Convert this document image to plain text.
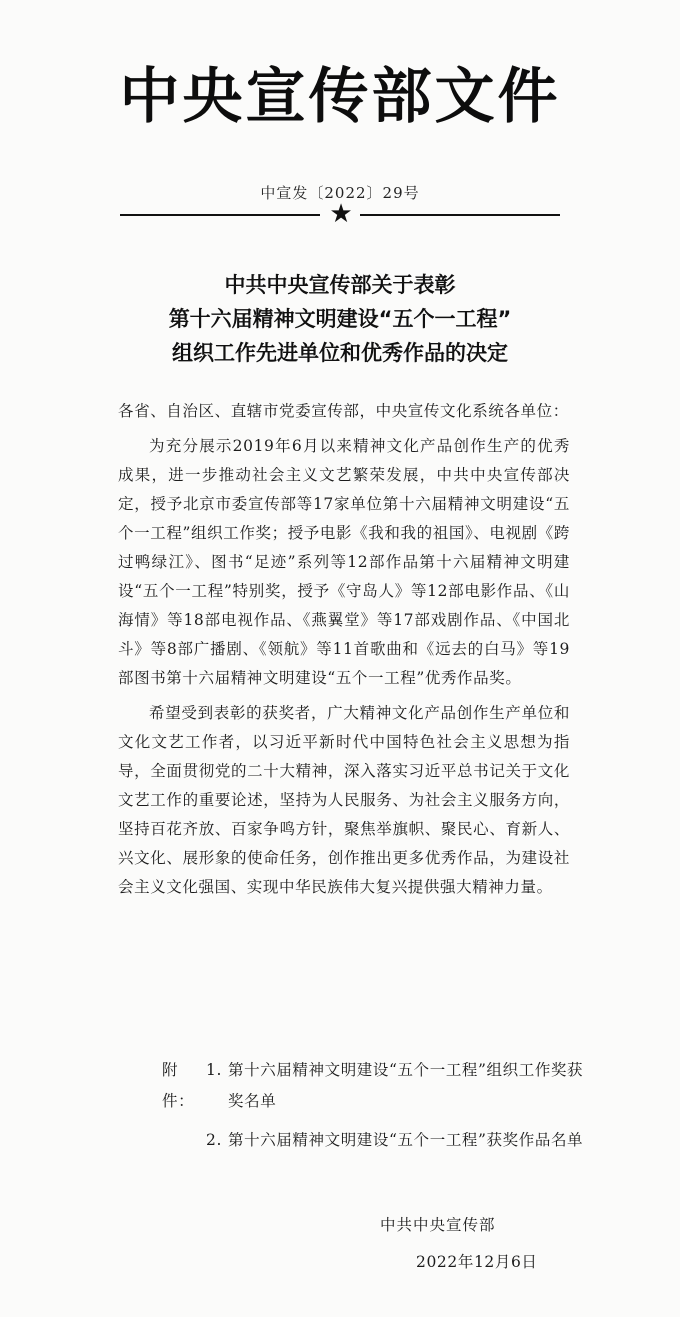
中央宣传部文件
中宣发〔2022〕29号
★
中共中央宣传部关于表彰
第十六届精神文明建设“五个一工程”
组织工作先进单位和优秀作品的决定

各省、自治区、直辖市党委宣传部，中央宣传文化系统各单位：

为充分展示2019年6月以来精神文化产品创作生产的优秀成果，进一步推动社会主义文艺繁荣发展，中共中央宣传部决定，授予北京市委宣传部等17家单位第十六届精神文明建设“五个一工程”组织工作奖；授予电影《我和我的祖国》、电视剧《跨过鸭绿江》、图书“足迹”系列等12部作品第十六届精神文明建设“五个一工程”特别奖，授予《守岛人》等12部电影作品、《山海情》等18部电视作品、《燕翼堂》等17部戏剧作品、《中国北斗》等8部广播剧、《领航》等11首歌曲和《远去的白马》等19部图书第十六届精神文明建设“五个一工程”优秀作品奖。

希望受到表彰的获奖者，广大精神文化产品创作生产单位和文化文艺工作者，以习近平新时代中国特色社会主义思想为指导，全面贯彻党的二十大精神，深入落实习近平总书记关于文化文艺工作的重要论述，坚持为人民服务、为社会主义服务方向，坚持百花齐放、百家争鸣方针，聚焦举旗帜、聚民心、育新人、兴文化、展形象的使命任务，创作推出更多优秀作品，为建设社会主义文化强国、实现中华民族伟大复兴提供强大精神力量。

附件：
1. 第十六届精神文明建设“五个一工程”组织工作奖获奖名单
2. 第十六届精神文明建设“五个一工程”获奖作品名单
中共中央宣传部
2022年12月6日
